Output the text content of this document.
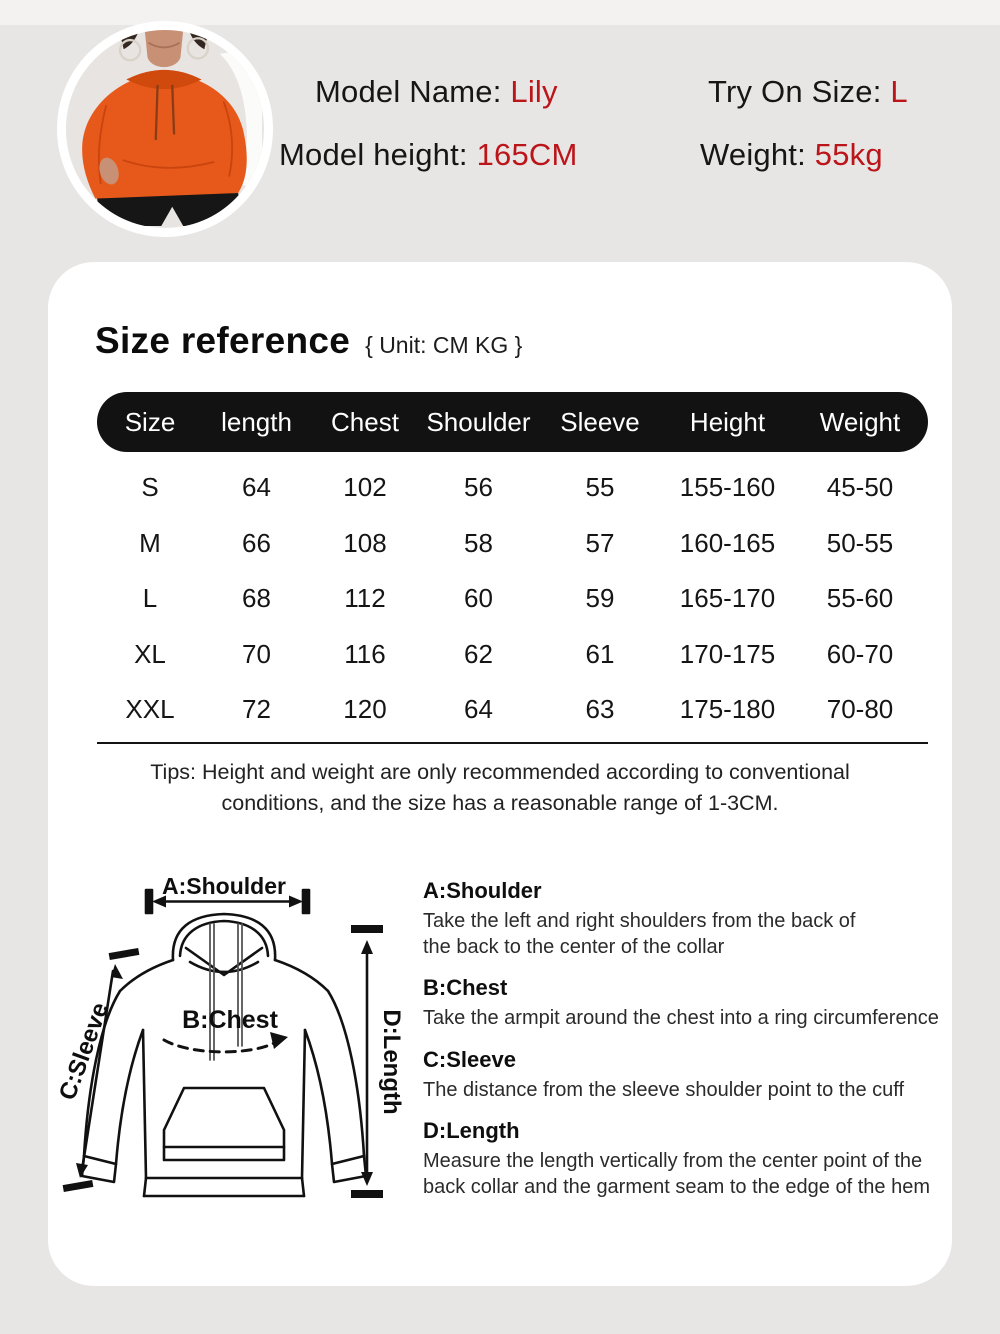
Model Name: Lily	Try On Size: L
Model height: 165CM	Weight: 55kg
Size reference { Unit: CM KG }
Size length Chest Shoulder Sleeve Height Weight
S	64	102	56	55	155-160 45-50
M	66	108	58	57	160-165 50-55
L	68	112	60	59	165-170 55-60
XL	70	116	62	61	170-175 60-70
XXL	72	120	64	63	175-180 70-80
Tips: Height and weight are only recommended according to conventional
conditions, and the size has a reasonable range of 1-3CM.
A:Shoulder
B:Chest
C:Sleeve	D:Length
A:Shoulder
Take the left and right shoulders from the back of
the back to the center of the collar
B:Chest
Take the armpit around the chest into a ring circumference
C:Sleeve
The distance from the sleeve shoulder point to the cuff
D:Length
Measure the length vertically from the center point of the
back collar and the garment seam to the edge of the hem
